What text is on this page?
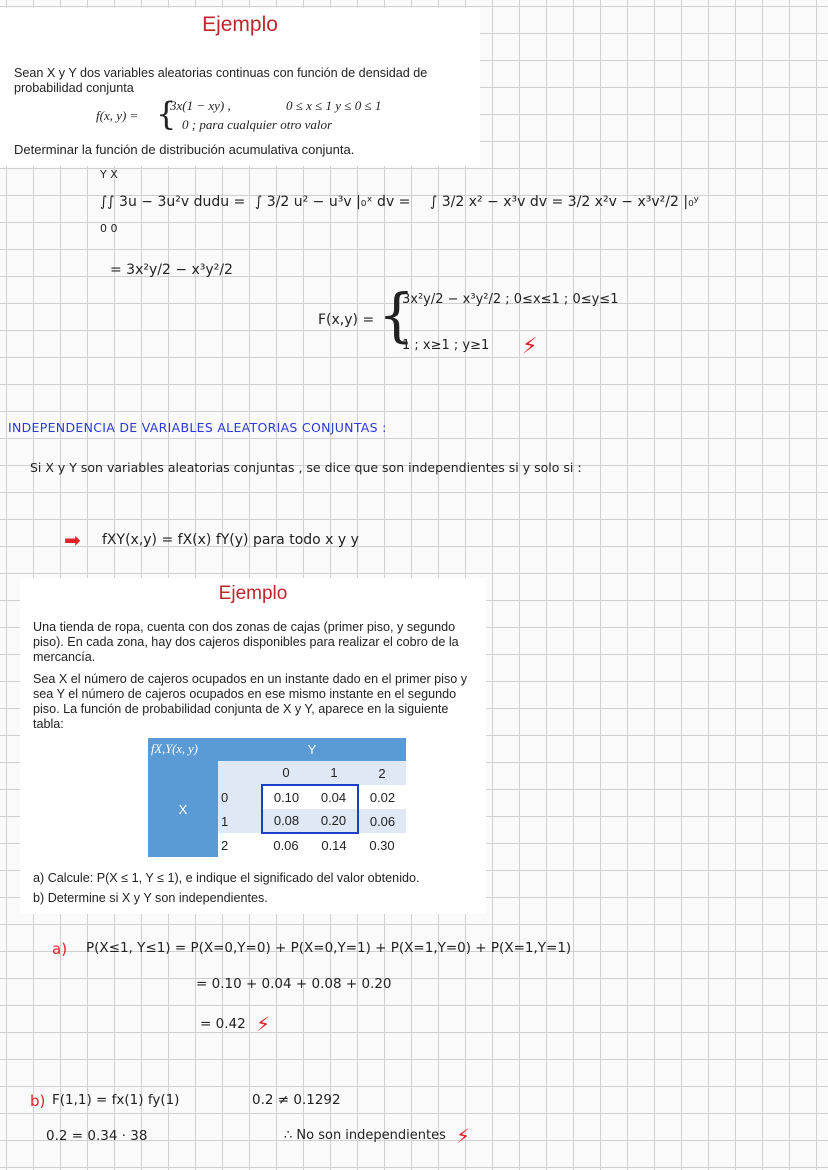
Ejemplo
Sean X y Y dos variables aleatorias continuas con función de densidad de probabilidad conjunta
f(x, y) = {
3x(1 − xy) ,	0 ≤ x ≤ 1 y ≤ 0 ≤ 1
0 ; para cualquier otro valor
Determinar la función de distribución acumulativa conjunta.
Y X
0 0
∫∫ 3u − 3u²v dudu = ∫ 3/2 u² − u³v |₀ˣ dv = ∫ 3/2 x² − x³v dv = 3/2 x²v − x³v²/2 |₀ʸ
= 3x²y/2 − x³y²/2
F(x,y) = {
3x²y/2 − x³y²/2 ; 0≤x≤1 ; 0≤y≤1
1 ; x≥1 ; y≥1 ⚡
INDEPENDENCIA DE VARIABLES ALEATORIAS CONJUNTAS :
Si X y Y son variables aleatorias conjuntas , se dice que son independientes si y solo si :
➡ fXY(x,y) = fX(x) fY(y) para todo x y y
Ejemplo
Una tienda de ropa, cuenta con dos zonas de cajas (primer piso, y segundo piso). En cada zona, hay dos cajeros disponibles para realizar el cobro de la mercancía.
Sea X el número de cajeros ocupados en un instante dado en el primer piso y sea Y el número de cajeros ocupados en ese mismo instante en el segundo piso. La función de probabilidad conjunta de X y Y, aparece en la siguiente tabla:
fX,Y(x, y)	Y			
X		0	1	2
	0	0.10	0.04	0.02
	1	0.08	0.20	0.06
	2	0.06	0.14	0.30
a) Calcule: P(X ≤ 1, Y ≤ 1), e indique el significado del valor obtenido.
b) Determine si X y Y son independientes.
a) P(X≤1, Y≤1) = P(X=0,Y=0) + P(X=0,Y=1) + P(X=1,Y=0) + P(X=1,Y=1)
= 0.10 + 0.04 + 0.08 + 0.20
= 0.42 ⚡
b) F(1,1) = fx(1) fy(1)	0.2 ≠ 0.1292
0.2 = 0.34 · 38	∴ No son independientes ⚡
